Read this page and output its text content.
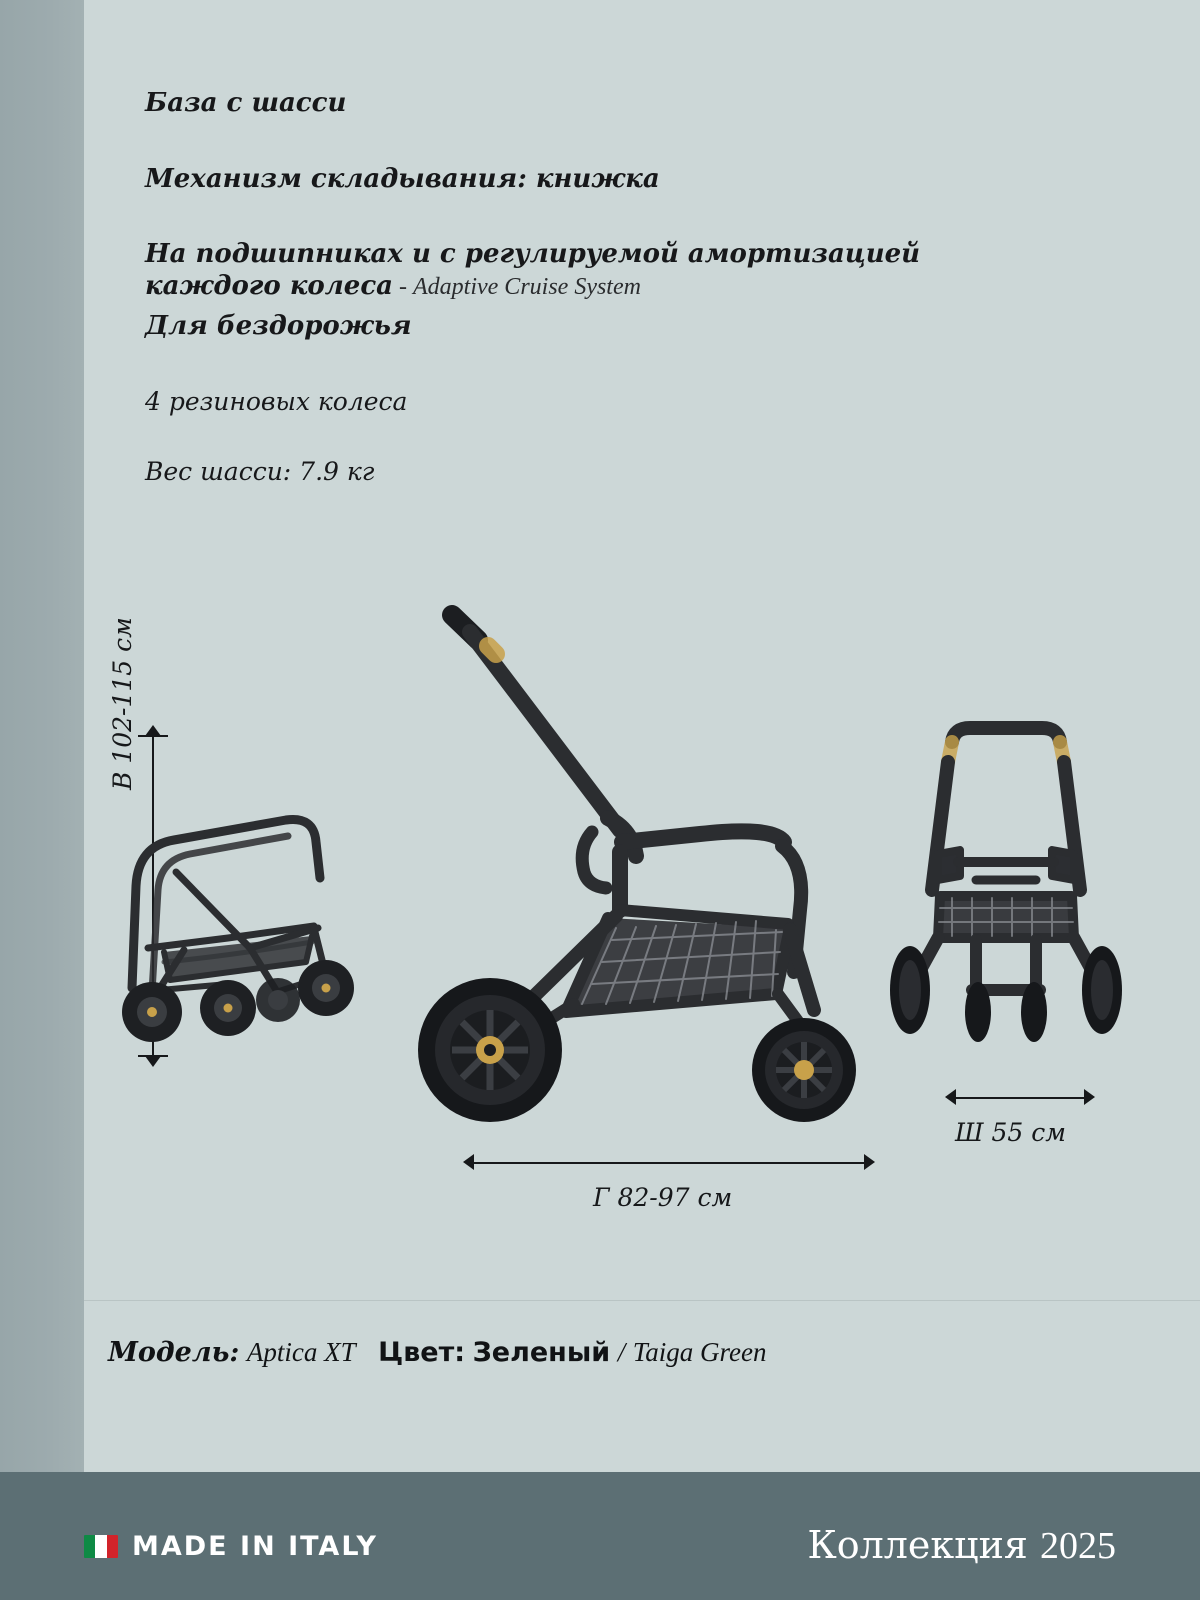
База с шасси
Механизм складывания: книжка
На подшипниках и с регулируемой амортизацией каждого колеса - Adaptive Cruise System
Для бездорожья
4 резиновых колеса
Вес шасси: 7.9 кг
В 102-115 см
Г 82-97 см
Ш 55 см
Модель: Aptica XT Цвет: Зеленый / Taiga Green
MADE IN ITALY	Коллекция 2025
